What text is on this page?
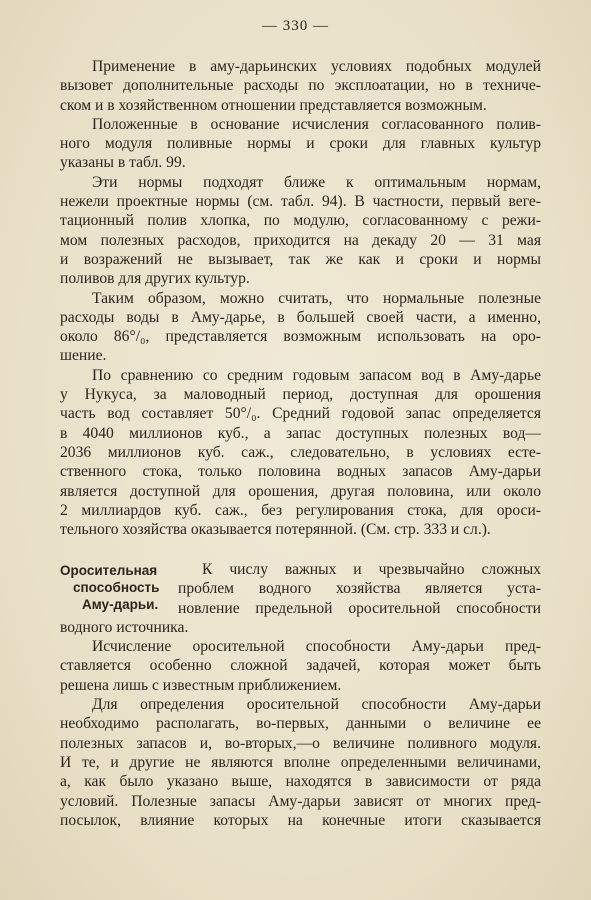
— 330 —

Применение в аму-дарьинских условиях подобных модулей

вызовет дополнительные расходы по эксплоатации, но в техниче-

ском и в хозяйственном отношении представляется возможным.

Положенные в основание исчисления согласованного полив-

ного модуля поливные нормы и сроки для главных культур

указаны в табл. 99.

Эти нормы подходят ближе к оптимальным нормам,

нежели проектные нормы (см. табл. 94). В частности, первый веге-

тационный полив хлопка, по модулю, согласованному с режи-

мом полезных расходов, приходится на декаду 20 — 31 мая

и возражений не вызывает, так же как и сроки и нормы

поливов для других культур.

Таким образом, можно считать, что нормальные полезные

расходы воды в Аму-дарье, в большей своей части, а именно,

около 86°/₀, представляется возможным использовать на оро-

шение.

По сравнению со средним годовым запасом вод в Аму-дарье

у Нукуса, за маловодный период, доступная для орошения

часть вод составляет 50°/₀. Средний годовой запас определяется

в 4040 миллионов куб., а запас доступных полезных вод—

2036 миллионов куб. саж., следовательно, в условиях есте-

ственного стока, только половина водных запасов Аму-дарьи

является доступной для орошения, другая половина, или около

2 миллиардов куб. саж., без регулирования стока, для ороси-

тельного хозяйства оказывается потерянной. (См. стр. 333 и сл.).

Оросительная
способность
Аму-дарьи.

К числу важных и чрезвычайно сложных

проблем водного хозяйства является уста-

новление предельной оросительной способности

водного источника.

Исчисление оросительной способности Аму-дарьи пред-

ставляется особенно сложной задачей, которая может быть

решена лишь с известным приближением.

Для определения оросительной способности Аму-дарьи

необходимо располагать, во-первых, данными о величине ее

полезных запасов и, во-вторых,—о величине поливного модуля.

И те, и другие не являются вполне определенными величинами,

а, как было указано выше, находятся в зависимости от ряда

условий. Полезные запасы Аму-дарьи зависят от многих пред-

посылок, влияние которых на конечные итоги сказывается
